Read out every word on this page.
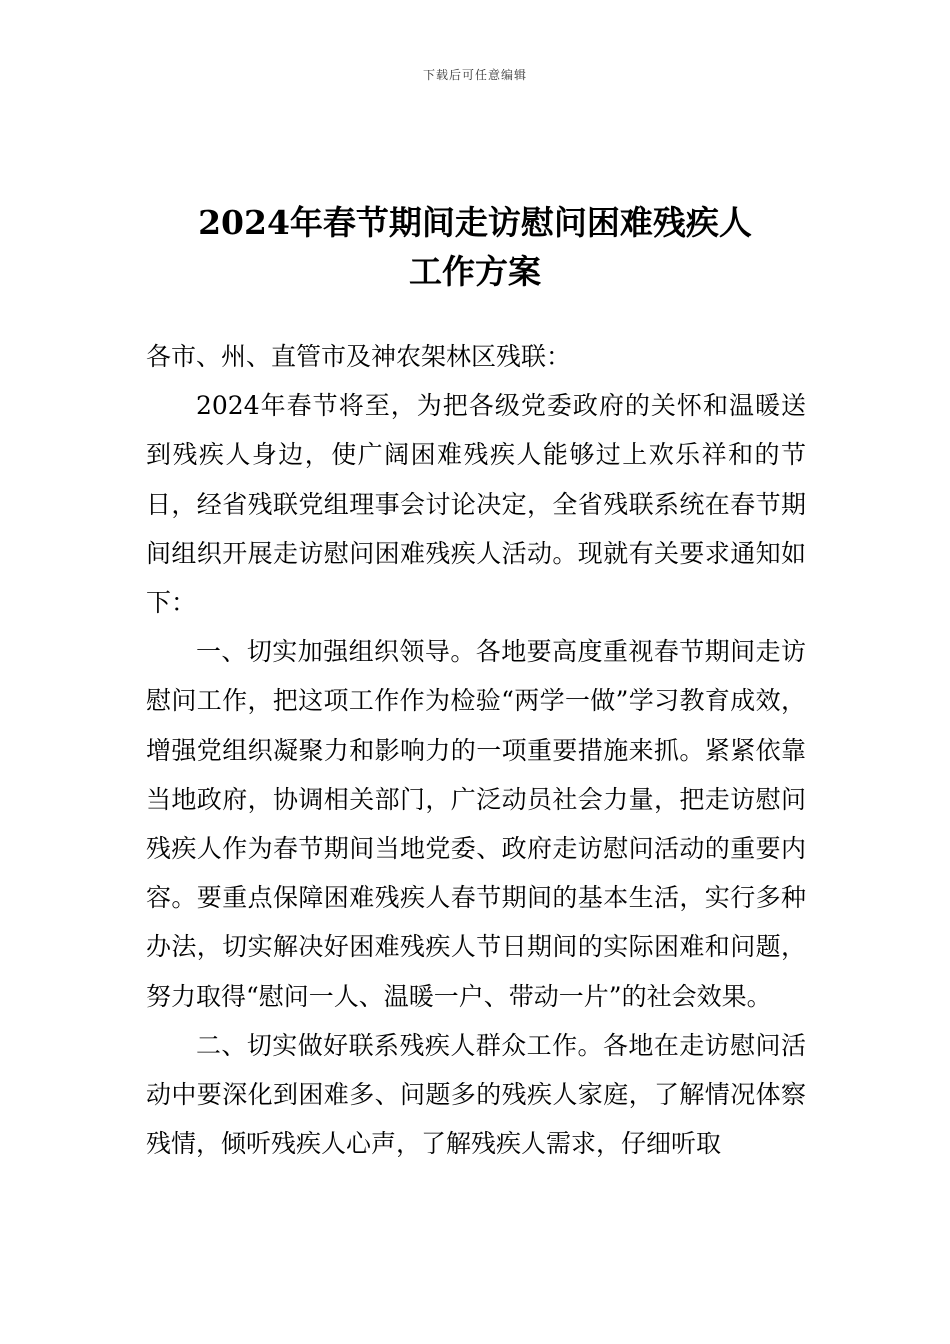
下载后可任意编辑
2024年春节期间走访慰问困难残疾人
工作方案

各市、州、直管市及神农架林区残联：

2024年春节将至，为把各级党委政府的关怀和温暖送到残疾人身边，使广阔困难残疾人能够过上欢乐祥和的节日，经省残联党组理事会讨论决定，全省残联系统在春节期间组织开展走访慰问困难残疾人活动。现就有关要求通知如下：

一、切实加强组织领导。各地要高度重视春节期间走访慰问工作，把这项工作作为检验“两学一做”学习教育成效，增强党组织凝聚力和影响力的一项重要措施来抓。紧紧依靠当地政府，协调相关部门，广泛动员社会力量，把走访慰问残疾人作为春节期间当地党委、政府走访慰问活动的重要内容。要重点保障困难残疾人春节期间的基本生活，实行多种办法，切实解决好困难残疾人节日期间的实际困难和问题，努力取得“慰问一人、温暖一户、带动一片”的社会效果。

二、切实做好联系残疾人群众工作。各地在走访慰问活动中要深化到困难多、问题多的残疾人家庭，了解情况体察残情，倾听残疾人心声，了解残疾人需求，仔细听取
